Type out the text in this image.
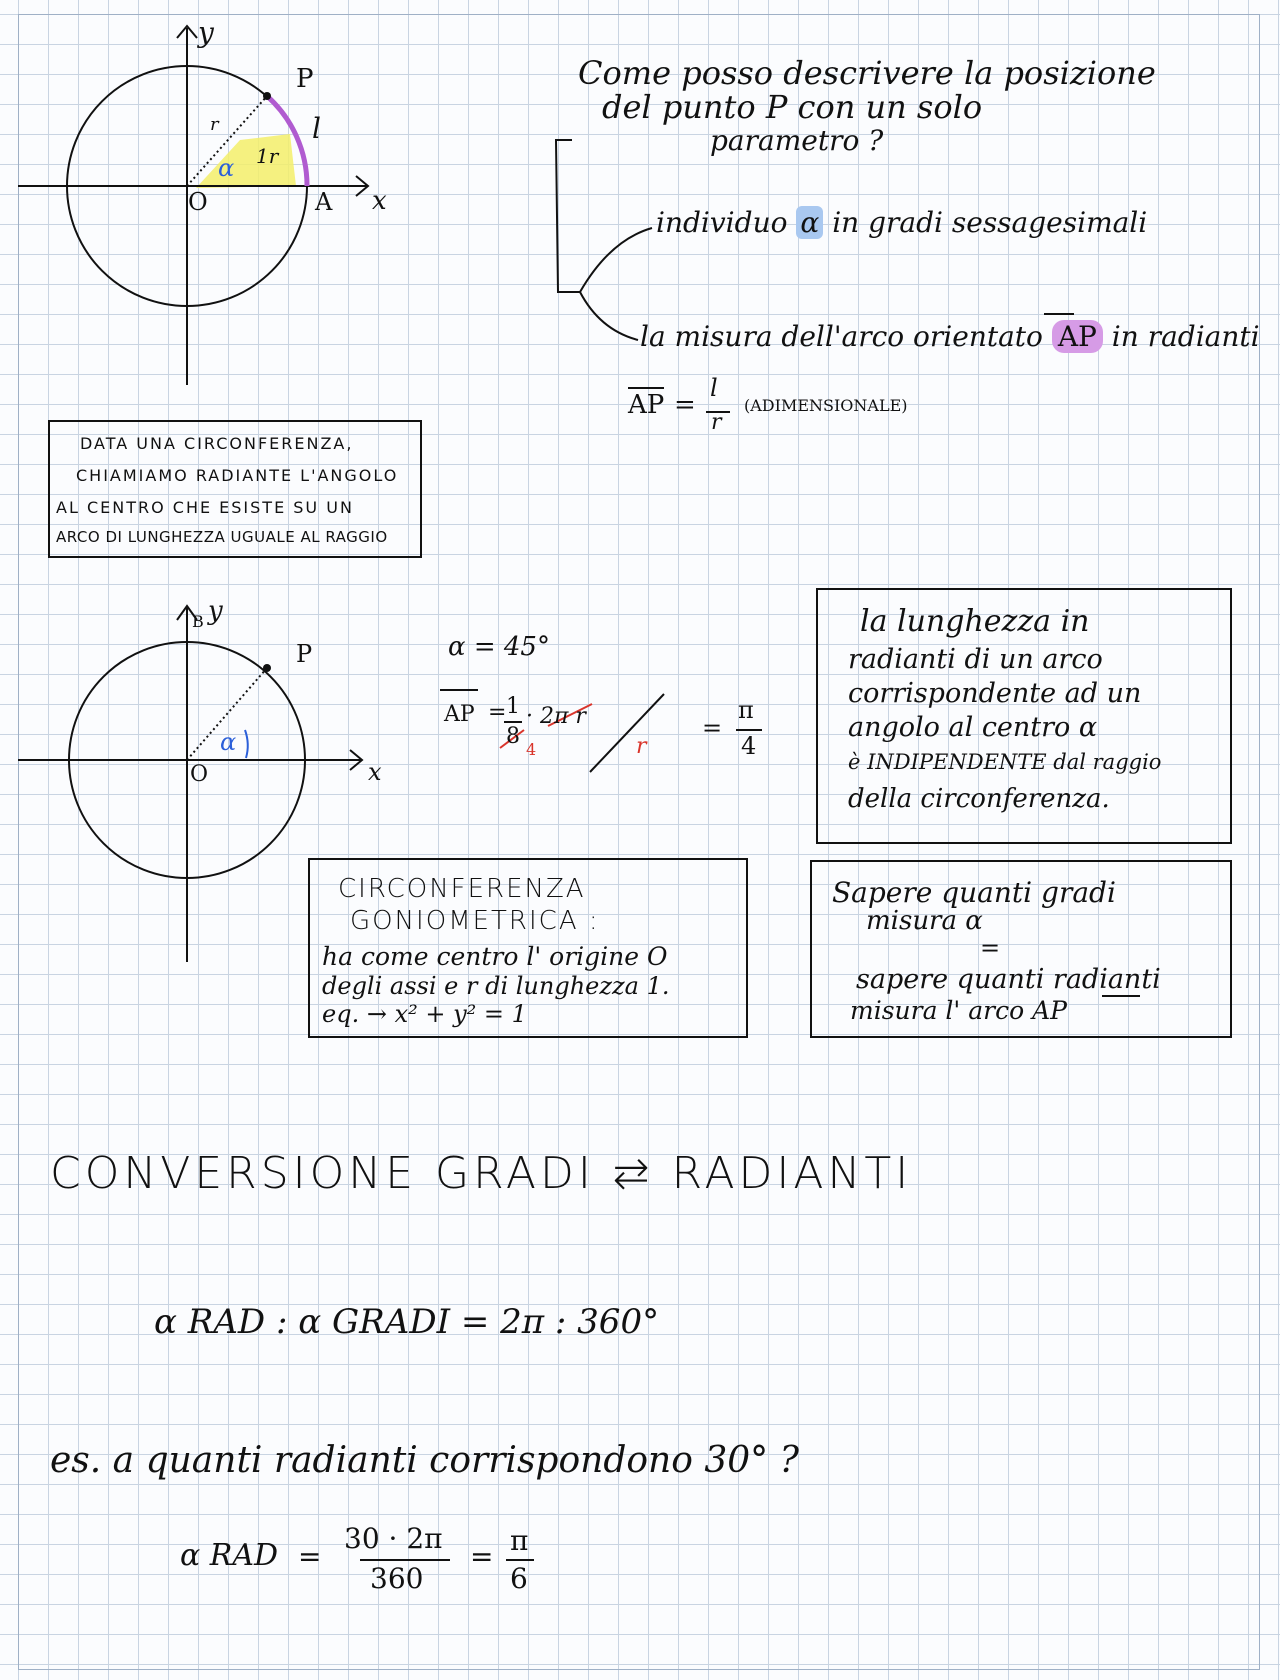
y
x
O	A
P
l
r
α 1r
Come posso descrivere la posizione
del punto P con un solo
parametro ?
individuo α in gradi sessagesimali
la misura dell'arco orientato AP in radianti
AP =
l
r
(ADIMENSIONALE)
DATA UNA CIRCONFERENZA,
CHIAMIAMO RADIANTE L'ANGOLO
AL CENTRO CHE ESISTE SU UN
ARCO DI LUNGHEZZA UGUALE AL RAGGIO
y
B
x
O
P
α
α = 45°
AP = 1
8
4
· 2π r
r
=
π
4
la lunghezza in
radianti di un arco
corrispondente ad un
angolo al centro α
è INDIPENDENTE dal raggio
della circonferenza.
CIRCONFERENZA
GONIOMETRICA :
ha come centro l' origine O
degli assi e r di lunghezza 1.
eq. → x² + y² = 1
Sapere quanti gradi
misura α
=
sapere quanti radianti
misura l' arco AP
CONVERSIONE GRADI ⇄ RADIANTI
α RAD : α GRADI = 2π : 360°
es. a quanti radianti corrispondono 30° ?
α RAD =
30 · 2π
360
= π
6
